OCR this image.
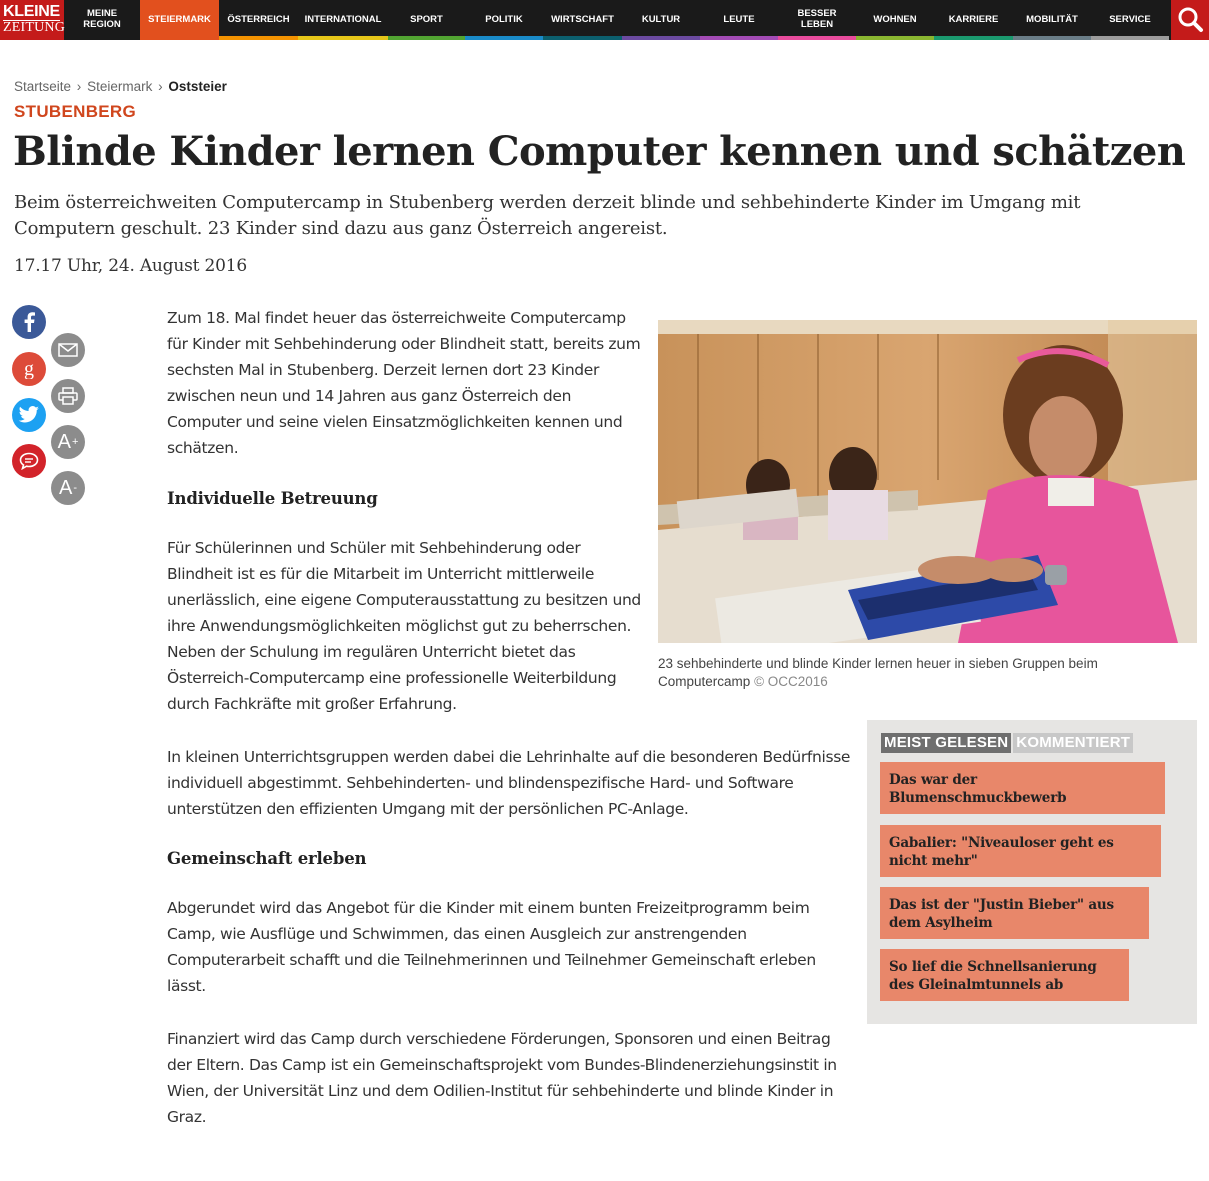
KLEINE
ZEITUNG
MEINE
REGION	STEIERMARK ÖSTERREICH INTERNATIONAL	SPORT	POLITIK	WIRTSCHAFT	KULTUR	LEUTE	BESSER
LEBEN	WOHNEN	KARRIERE	MOBILITÄT	SERVICE
Startseite › Steiermark › Oststeier
STUBENBERG
Blinde Kinder lernen Computer kennen und schätzen

Beim österreichweiten Computercamp in Stubenberg werden derzeit blinde und sehbehinderte Kinder im Umgang mit Computern geschult. 23 Kinder sind dazu aus ganz Österreich angereist.

17.17 Uhr, 24. August 2016
g
A +
A -

Zum 18. Mal findet heuer das österreichweite Computercamp für Kinder mit Sehbehinderung oder Blindheit statt, bereits zum sechsten Mal in Stubenberg. Derzeit lernen dort 23 Kinder zwischen neun und 14 Jahren aus ganz Österreich den Computer und seine vielen Einsatzmöglichkeiten kennen und schätzen.

Individuelle Betreuung

Für Schülerinnen und Schüler mit Sehbehinderung oder Blindheit ist es für die Mitarbeit im Unterricht mittlerweile unerlässlich, eine eigene Computerausstattung zu besitzen und ihre Anwendungsmöglichkeiten möglichst gut zu beherrschen. Neben der Schulung im regulären Unterricht bietet das Österreich-Computercamp eine professionelle Weiterbildung durch Fachkräfte mit großer Erfahrung.

In kleinen Unterrichtsgruppen werden dabei die Lehrinhalte auf die besonderen Bedürfnisse individuell abgestimmt. Sehbehinderten- und blindenspezifische Hard- und Software unterstützen den effizienten Umgang mit der persönlichen PC-Anlage.

Gemeinschaft erleben

Abgerundet wird das Angebot für die Kinder mit einem bunten Freizeitprogramm beim Camp, wie Ausflüge und Schwimmen, das einen Ausgleich zur anstrengenden Computerarbeit schafft und die Teilnehmerinnen und Teilnehmer Gemeinschaft erleben lässt.

Finanziert wird das Camp durch verschiedene Förderungen, Sponsoren und einen Beitrag der Eltern. Das Camp ist ein Gemeinschaftsprojekt vom Bundes-Blindenerziehungsinstit in Wien, der Universität Linz und dem Odilien-Institut für sehbehinderte und blinde Kinder in Graz.

23 sehbehinderte und blinde Kinder lernen heuer in sieben Gruppen beim Computercamp © OCC2016
MEIST GELESEN KOMMENTIERT
Das war der Blumenschmuckbewerb
Gabalier: "Niveauloser geht es nicht mehr"
Das ist der "Justin Bieber" aus dem Asylheim
So lief die Schnellsanierung des Gleinalmtunnels ab
